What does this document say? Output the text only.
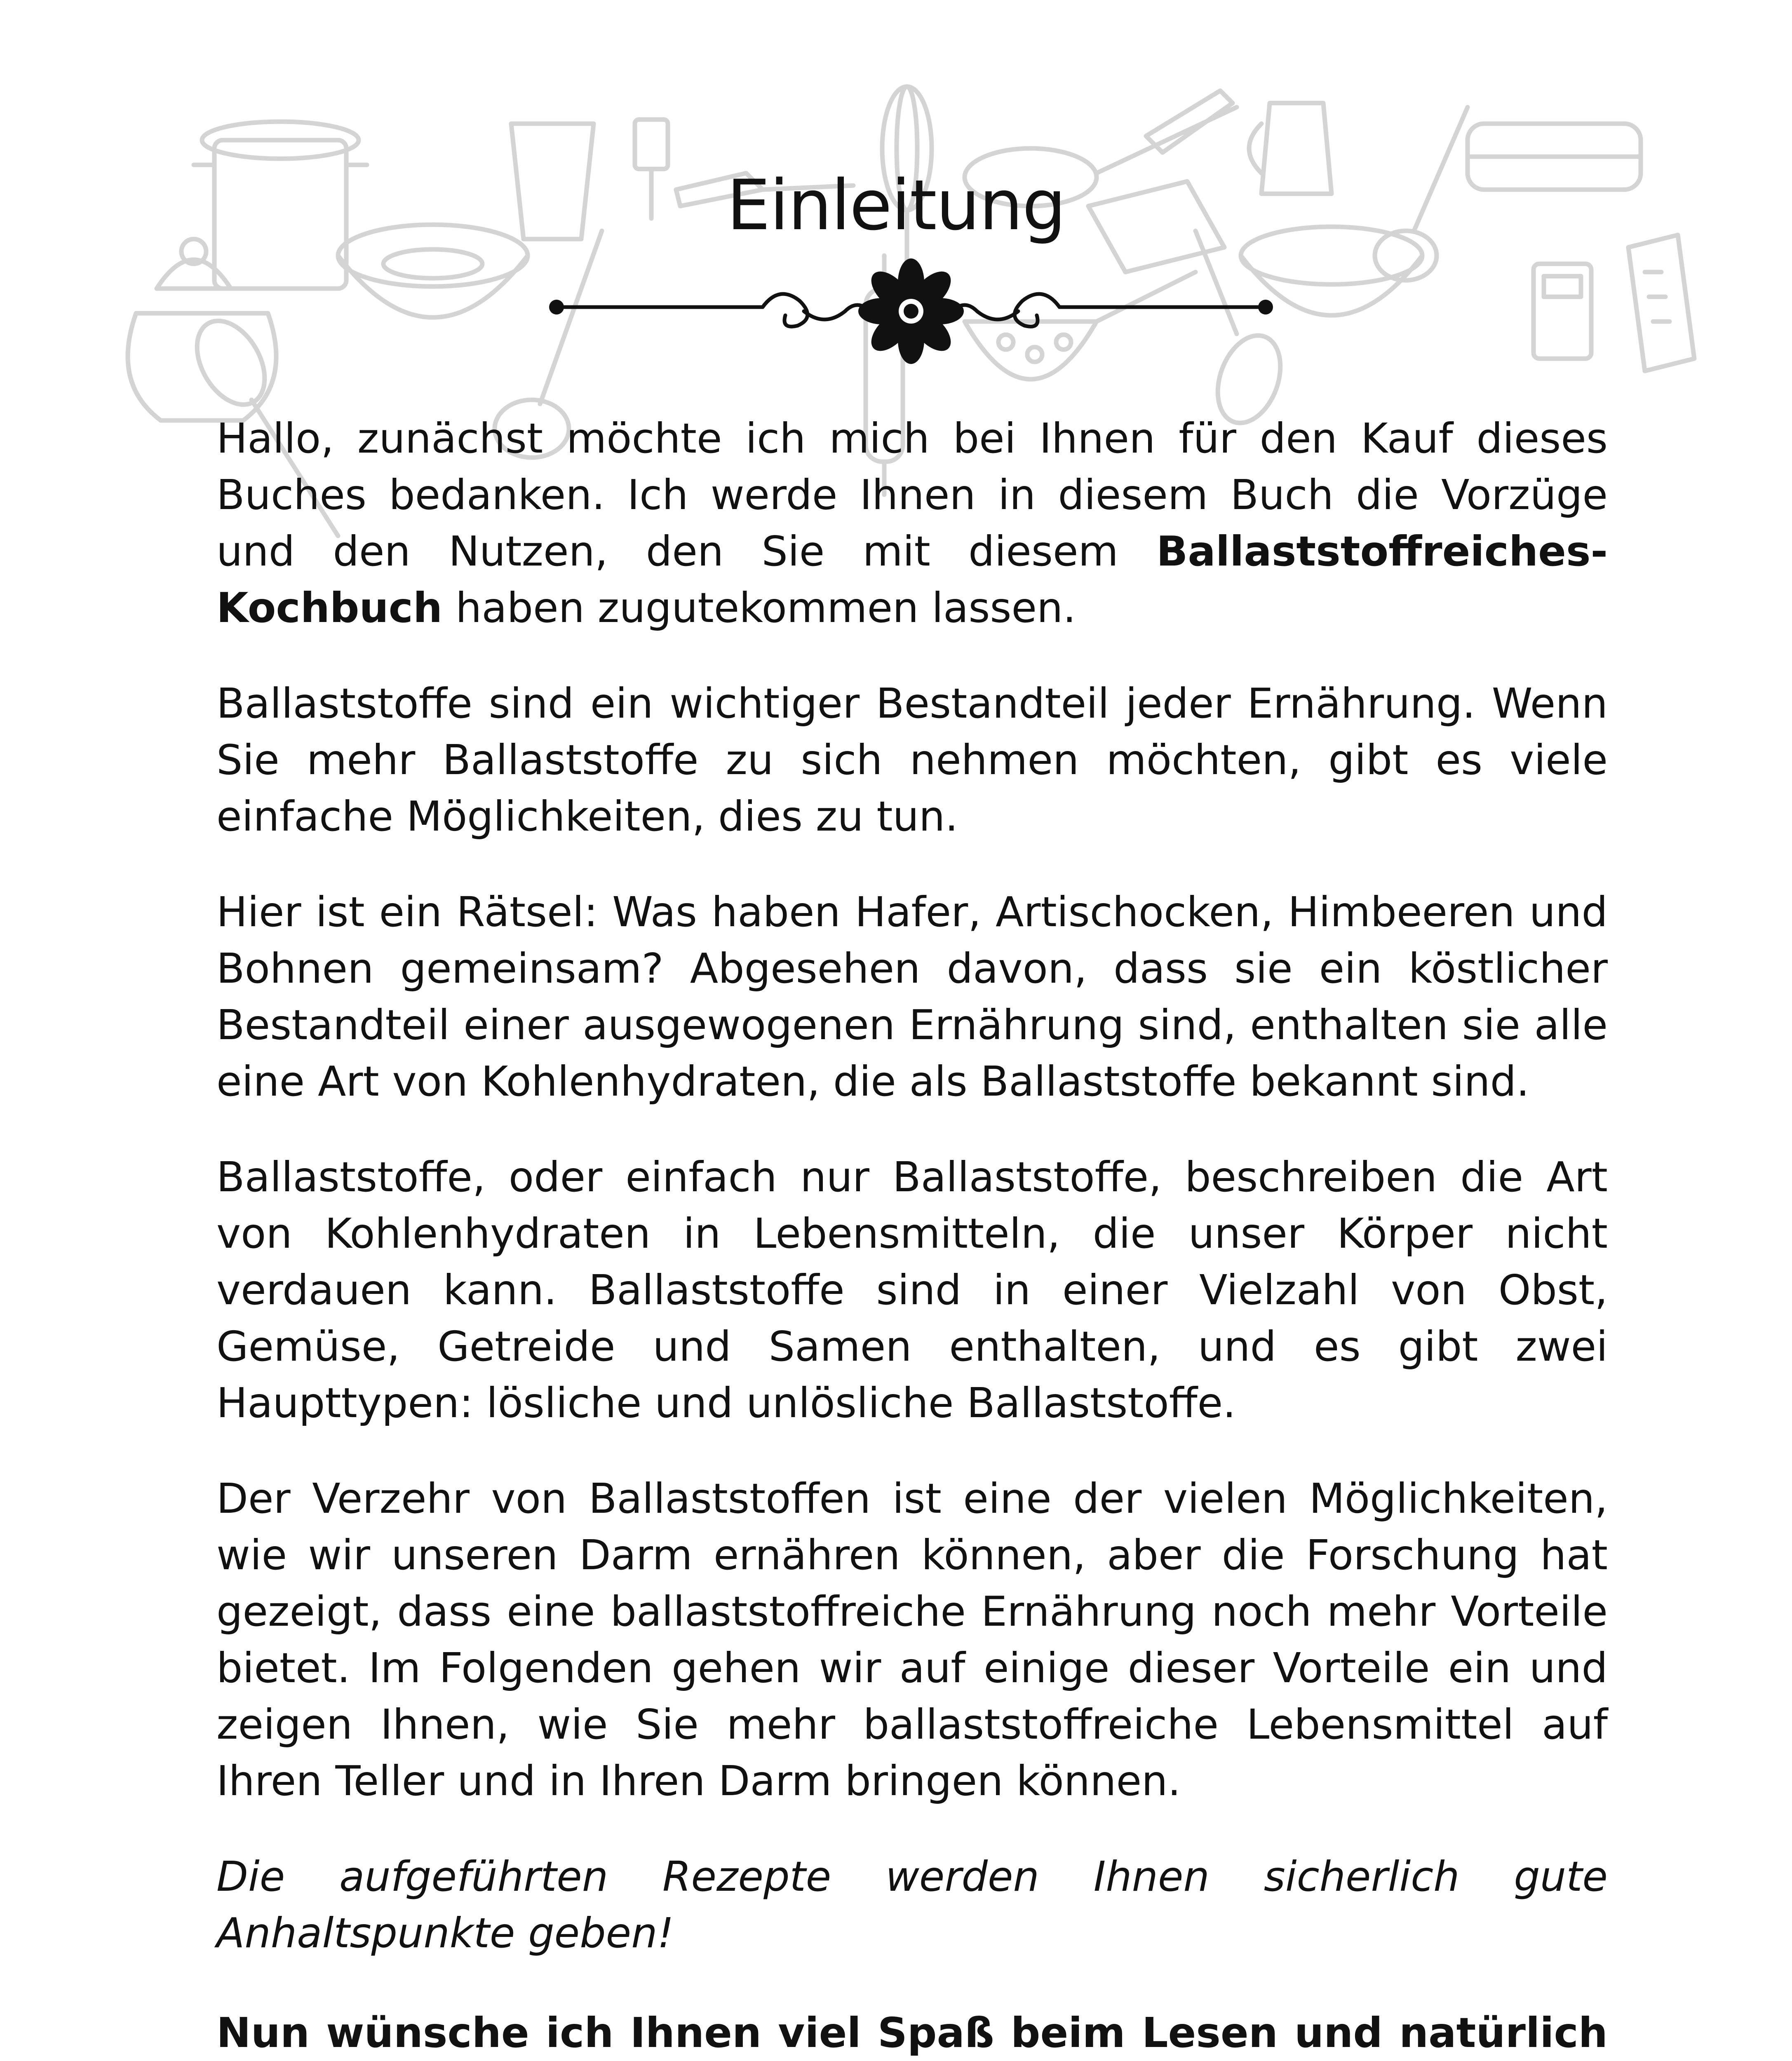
Einleitung

Hallo, zunächst möchte ich mich bei Ihnen für den Kauf dieses Buches bedanken. Ich werde Ihnen in diesem Buch die Vorzüge und den Nutzen, den Sie mit diesem Ballaststoffreiches-Kochbuch haben zugutekommen lassen.

Ballaststoffe sind ein wichtiger Bestandteil jeder Ernährung. Wenn Sie mehr Ballaststoffe zu sich nehmen möchten, gibt es viele einfache Möglichkeiten, dies zu tun.

Hier ist ein Rätsel: Was haben Hafer, Artischocken, Himbeeren und Bohnen gemeinsam? Abgesehen davon, dass sie ein köstlicher Bestandteil einer ausgewogenen Ernährung sind, enthalten sie alle eine Art von Kohlenhydraten, die als Ballaststoffe bekannt sind.

Ballaststoffe, oder einfach nur Ballaststoffe, beschreiben die Art von Kohlenhydraten in Lebensmitteln, die unser Körper nicht verdauen kann. Ballaststoffe sind in einer Vielzahl von Obst, Gemüse, Getreide und Samen enthalten, und es gibt zwei Haupttypen: lösliche und unlösliche Ballaststoffe.

Der Verzehr von Ballaststoffen ist eine der vielen Möglichkeiten, wie wir unseren Darm ernähren können, aber die Forschung hat gezeigt, dass eine ballaststoffreiche Ernährung noch mehr Vorteile bietet. Im Folgenden gehen wir auf einige dieser Vorteile ein und zeigen Ihnen, wie Sie mehr ballaststoffreiche Lebensmittel auf Ihren Teller und in Ihren Darm bringen können.

Die aufgeführten Rezepte werden Ihnen sicherlich gute Anhaltspunkte geben!

Nun wünsche ich Ihnen viel Spaß beim Lesen und natürlich
